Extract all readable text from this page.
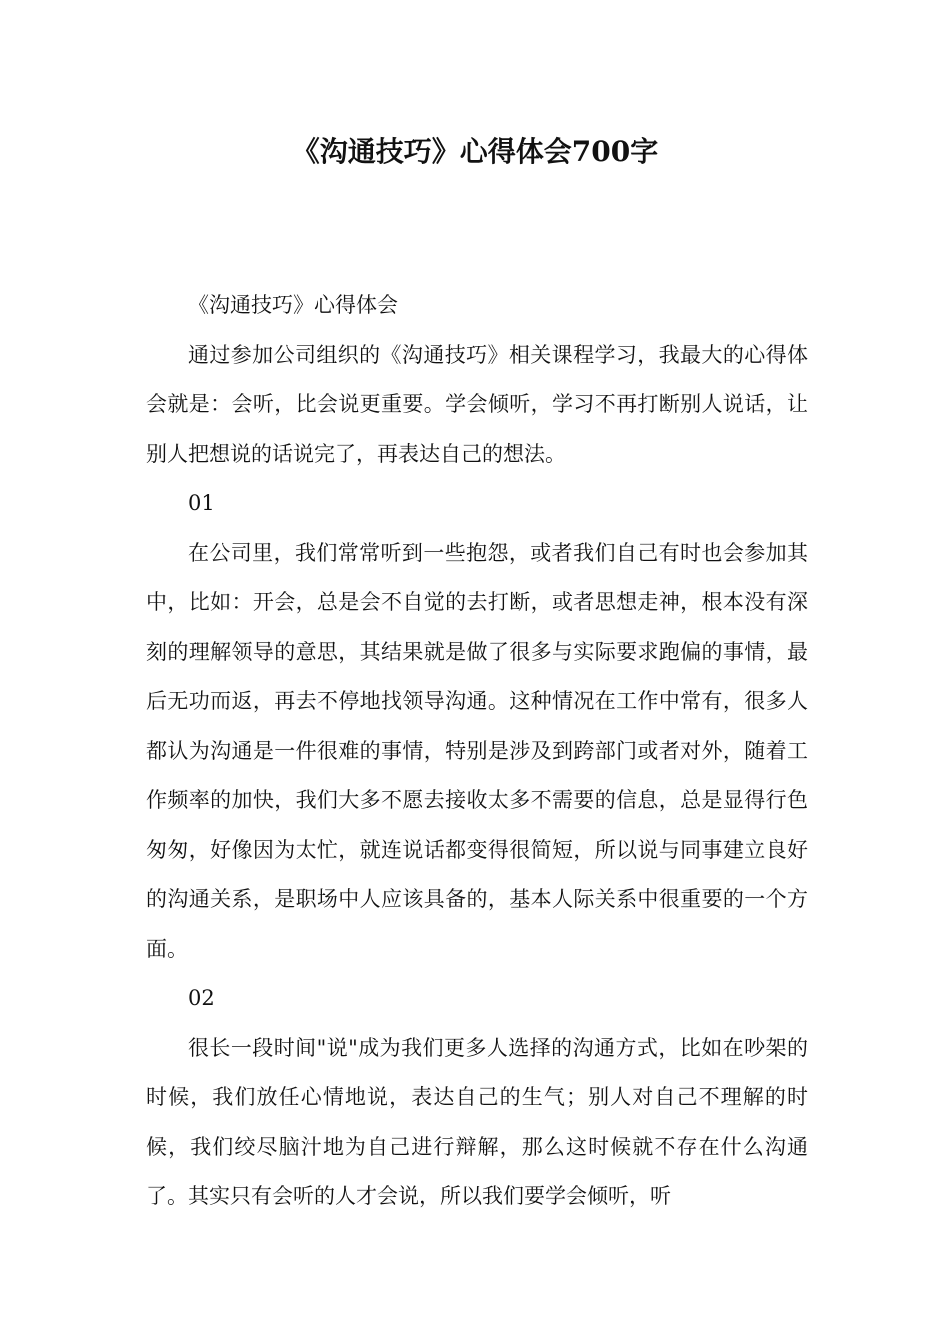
《沟通技巧》心得体会700字

《沟通技巧》心得体会

通过参加公司组织的《沟通技巧》相关课程学习，我最大的心得体会就是：会听，比会说更重要。学会倾听，学习不再打断别人说话，让别人把想说的话说完了，再表达自己的想法。

01

在公司里，我们常常听到一些抱怨，或者我们自己有时也会参加其中，比如：开会，总是会不自觉的去打断，或者思想走神，根本没有深刻的理解领导的意思，其结果就是做了很多与实际要求跑偏的事情，最后无功而返，再去不停地找领导沟通。这种情况在工作中常有，很多人都认为沟通是一件很难的事情，特别是涉及到跨部门或者对外，随着工作频率的加快，我们大多不愿去接收太多不需要的信息，总是显得行色匆匆，好像因为太忙，就连说话都变得很简短，所以说与同事建立良好的沟通关系，是职场中人应该具备的，基本人际关系中很重要的一个方面。

02

很长一段时间"说"成为我们更多人选择的沟通方式，比如在吵架的时候，我们放任心情地说，表达自己的生气；别人对自己不理解的时候，我们绞尽脑汁地为自己进行辩解，那么这时候就不存在什么沟通了。其实只有会听的人才会说，所以我们要学会倾听，听
